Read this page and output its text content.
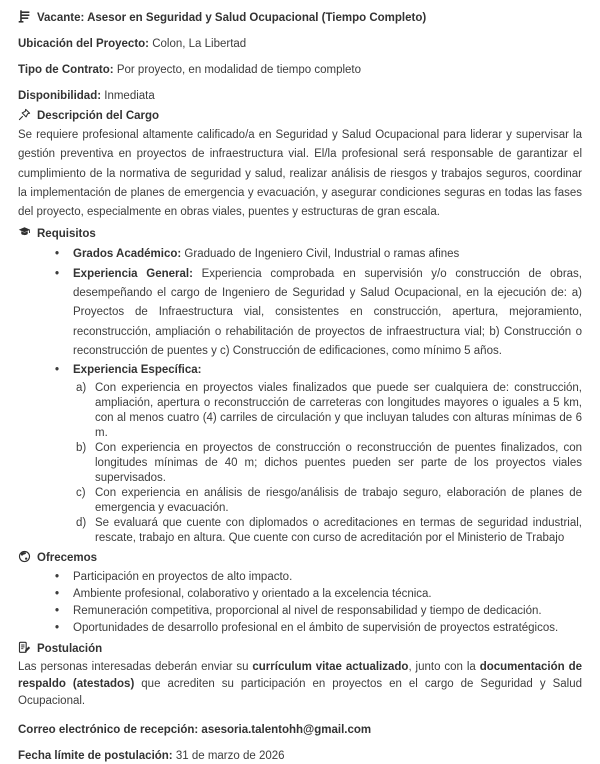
Vacante: Asesor en Seguridad y Salud Ocupacional (Tiempo Completo)

Ubicación del Proyecto: Colon, La Libertad

Tipo de Contrato: Por proyecto, en modalidad de tiempo completo

Disponibilidad: Inmediata

Descripción del Cargo

Se requiere profesional altamente calificado/a en Seguridad y Salud Ocupacional para liderar y supervisar la gestión preventiva en proyectos de infraestructura vial. El/la profesional será responsable de garantizar el cumplimiento de la normativa de seguridad y salud, realizar análisis de riesgos y trabajos seguros, coordinar la implementación de planes de emergencia y evacuación, y asegurar condiciones seguras en todas las fases del proyecto, especialmente en obras viales, puentes y estructuras de gran escala.

Requisitos
• Grados Académico: Graduado de Ingeniero Civil, Industrial o ramas afines
• Experiencia General: Experiencia comprobada en supervisión y/o construcción de obras, desempeñando el cargo de Ingeniero de Seguridad y Salud Ocupacional, en la ejecución de: a) Proyectos de Infraestructura vial, consistentes en construcción, apertura, mejoramiento, reconstrucción, ampliación o rehabilitación de proyectos de infraestructura vial; b) Construcción o reconstrucción de puentes y c) Construcción de edificaciones, como mínimo 5 años.
• Experiencia Específica:
a) Con experiencia en proyectos viales finalizados que puede ser cualquiera de: construcción, ampliación, apertura o reconstrucción de carreteras con longitudes mayores o iguales a 5 km, con al menos cuatro (4) carriles de circulación y que incluyan taludes con alturas mínimas de 6 m.
b) Con experiencia en proyectos de construcción o reconstrucción de puentes finalizados, con longitudes mínimas de 40 m; dichos puentes pueden ser parte de los proyectos viales supervisados.
c) Con experiencia en análisis de riesgo/análisis de trabajo seguro, elaboración de planes de emergencia y evacuación.
d) Se evaluará que cuente con diplomados o acreditaciones en termas de seguridad industrial, rescate, trabajo en altura. Que cuente con curso de acreditación por el Ministerio de Trabajo
Ofrecemos
• Participación en proyectos de alto impacto.
• Ambiente profesional, colaborativo y orientado a la excelencia técnica.
• Remuneración competitiva, proporcional al nivel de responsabilidad y tiempo de dedicación.
• Oportunidades de desarrollo profesional en el ámbito de supervisión de proyectos estratégicos.
Postulación

Las personas interesadas deberán enviar su currículum vitae actualizado, junto con la documentación de respaldo (atestados) que acrediten su participación en proyectos en el cargo de Seguridad y Salud Ocupacional.

Correo electrónico de recepción: asesoria.talentohh@gmail.com

Fecha límite de postulación: 31 de marzo de 2026
